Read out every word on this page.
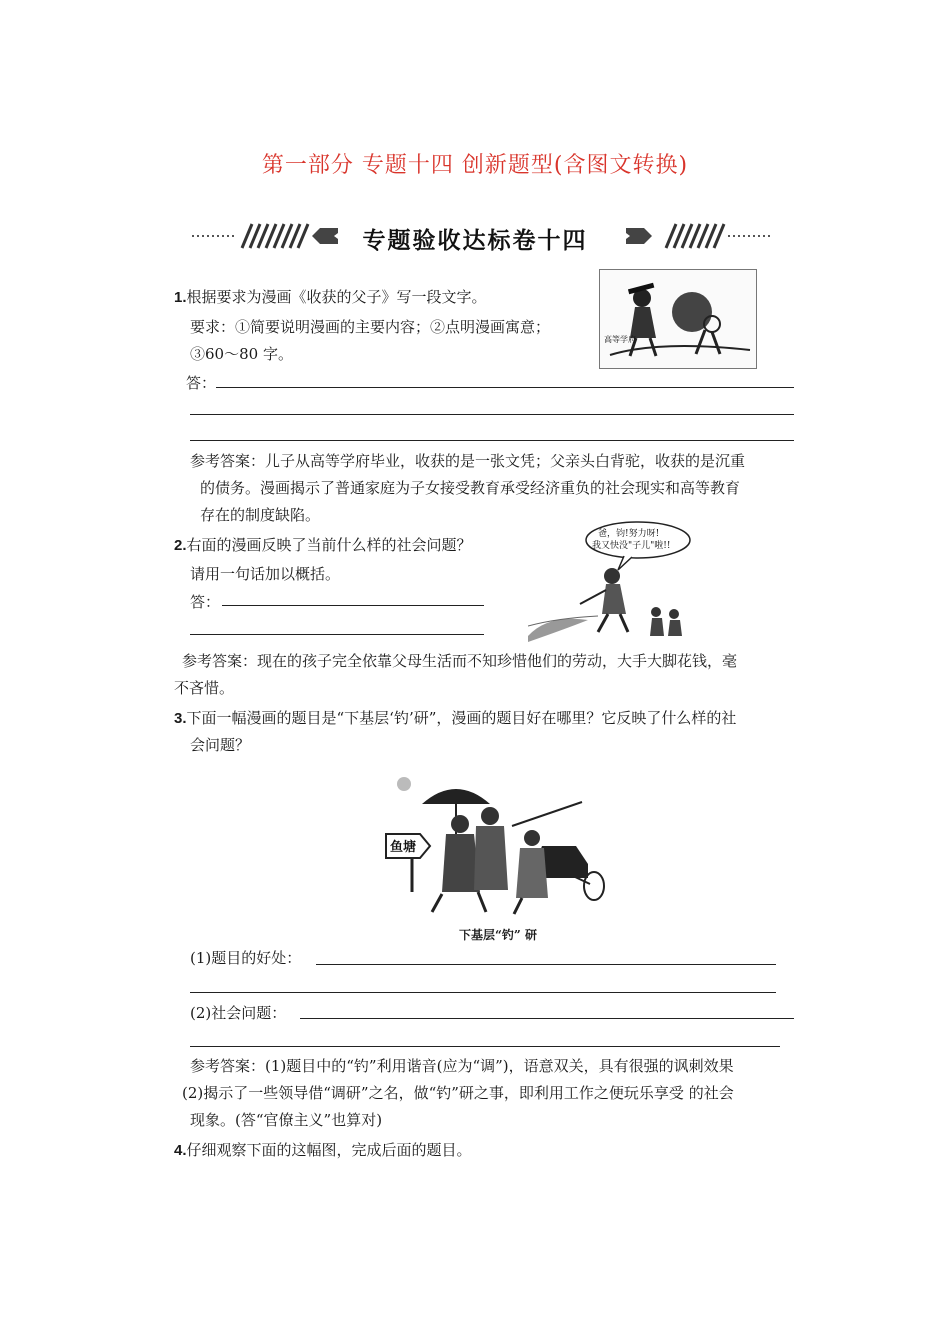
第一部分 专题十四 创新题型(含图文转换)
专题验收达标卷十四
1.根据要求为漫画《收获的父子》写一段文字。
要求：①简要说明漫画的主要内容；②点明漫画寓意；
③60～80 字。
高等学府
答：
参考答案：儿子从高等学府毕业，收获的是一张文凭；父亲头白背驼，收获的是沉重
的债务。漫画揭示了普通家庭为子女接受教育承受经济重负的社会现实和高等教育
存在的制度缺陷。
2.右面的漫画反映了当前什么样的社会问题？
请用一句话加以概括。
答：
爸，钧!努力呀!
我又快没"子儿"啦!!
参考答案：现在的孩子完全依靠父母生活而不知珍惜他们的劳动，大手大脚花钱，毫
不吝惜。
3.下面一幅漫画的题目是“下基层‘钓’研”，漫画的题目好在哪里？它反映了什么样的社
会问题？
鱼塘
下基层“钓” 研
(1)题目的好处：
(2)社会问题：
参考答案：(1)题目中的“钓”利用谐音(应为“调”)，语意双关，具有很强的讽刺效果
(2)揭示了一些领导借“调研”之名，做“钓”研之事，即利用工作之便玩乐享受 的社会
现象。(答“官僚主义”也算对)
4.仔细观察下面的这幅图，完成后面的题目。
